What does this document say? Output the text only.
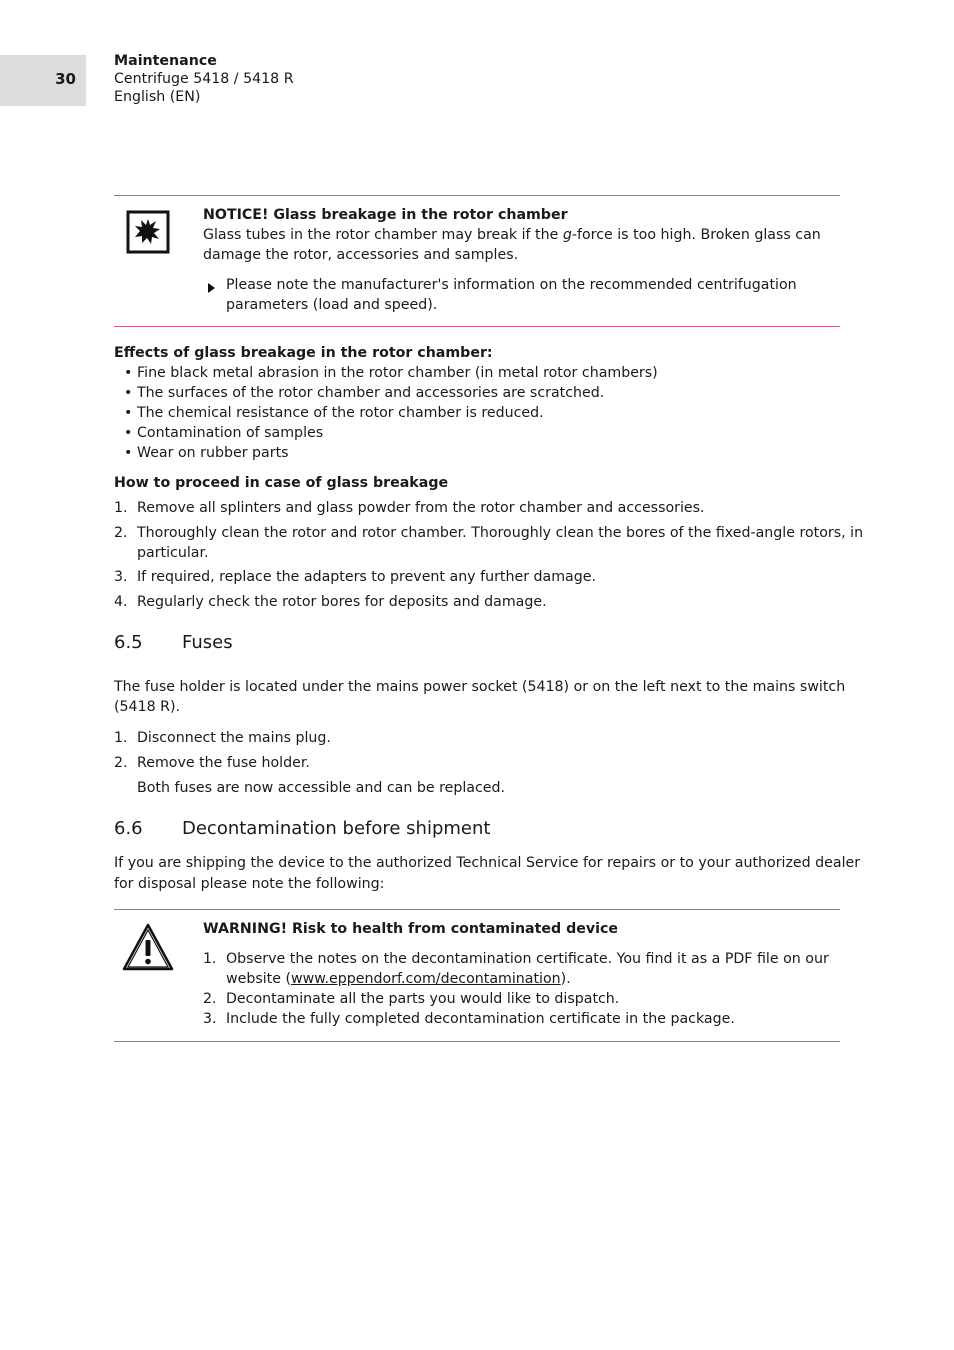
30
Maintenance
Centrifuge 5418 / 5418 R
English (EN)
NOTICE! Glass breakage in the rotor chamber
Glass tubes in the rotor chamber may break if the g-force is too high. Broken glass can
damage the rotor, accessories and samples.
Please note the manufacturer's information on the recommended centrifugation
parameters (load and speed).
Effects of glass breakage in the rotor chamber:
• Fine black metal abrasion in the rotor chamber (in metal rotor chambers)
• The surfaces of the rotor chamber and accessories are scratched.
• The chemical resistance of the rotor chamber is reduced.
• Contamination of samples
• Wear on rubber parts
How to proceed in case of glass breakage
1. Remove all splinters and glass powder from the rotor chamber and accessories.
2. Thoroughly clean the rotor and rotor chamber. Thoroughly clean the bores of the fixed-angle rotors, in
particular.
3. If required, replace the adapters to prevent any further damage.
4. Regularly check the rotor bores for deposits and damage.
6.5 Fuses
The fuse holder is located under the mains power socket (5418) or on the left next to the mains switch
(5418 R).
1. Disconnect the mains plug.
2. Remove the fuse holder.
Both fuses are now accessible and can be replaced.
6.6 Decontamination before shipment
If you are shipping the device to the authorized Technical Service for repairs or to your authorized dealer
for disposal please note the following:
WARNING! Risk to health from contaminated device
1. Observe the notes on the decontamination certificate. You find it as a PDF file on our
website (www.eppendorf.com/decontamination).
2. Decontaminate all the parts you would like to dispatch.
3. Include the fully completed decontamination certificate in the package.
